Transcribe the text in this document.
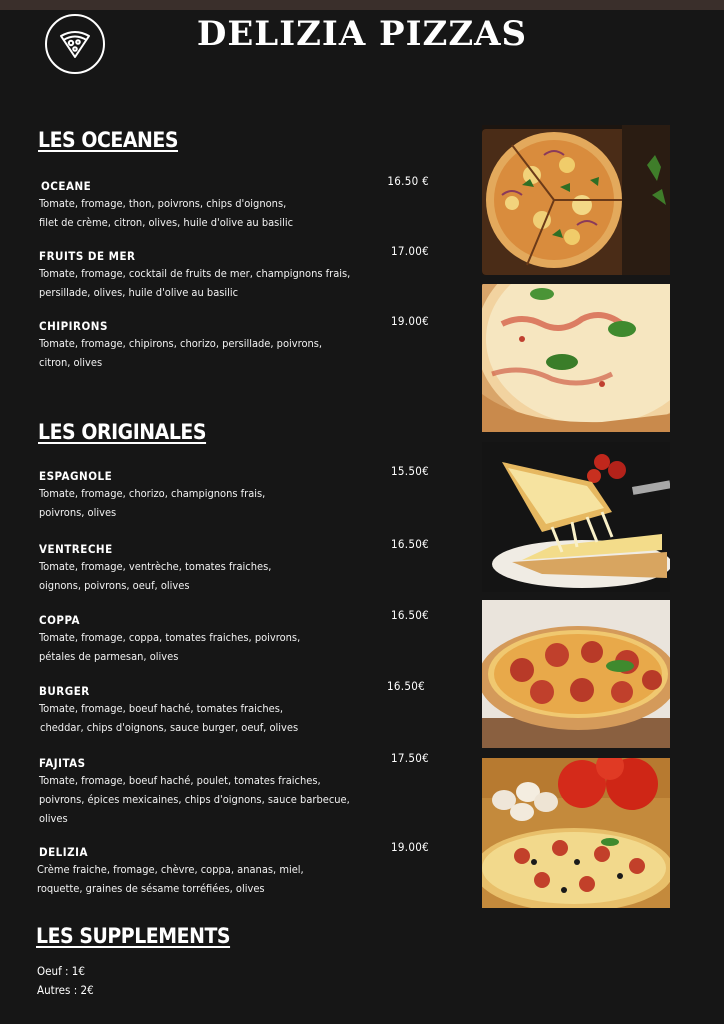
DELIZIA PIZZAS
LES OCEANES
OCEANE	16.50 €
Tomate, fromage, thon, poivrons, chips d'oignons,
filet de crème, citron, olives, huile d'olive au basilic
FRUITS DE MER	17.00€
Tomate, fromage, cocktail de fruits de mer, champignons frais,
persillade, olives, huile d'olive au basilic
CHIPIRONS	19.00€
Tomate, fromage, chipirons, chorizo, persillade, poivrons,
citron, olives
LES ORIGINALES
ESPAGNOLE	15.50€
Tomate, fromage, chorizo, champignons frais,
poivrons, olives
VENTRECHE	16.50€
Tomate, fromage, ventrèche, tomates fraiches,
oignons, poivrons, oeuf, olives
COPPA	16.50€
Tomate, fromage, coppa, tomates fraiches, poivrons,
pétales de parmesan, olives
BURGER	16.50€
Tomate, fromage, boeuf haché, tomates fraiches,
cheddar, chips d'oignons, sauce burger, oeuf, olives
FAJITAS	17.50€
Tomate, fromage, boeuf haché, poulet, tomates fraiches,
poivrons, épices mexicaines, chips d'oignons, sauce barbecue,
olives
DELIZIA	19.00€
Crème fraiche, fromage, chèvre, coppa, ananas, miel,
roquette, graines de sésame torréfiées, olives
LES SUPPLEMENTS
Oeuf : 1€
Autres : 2€
